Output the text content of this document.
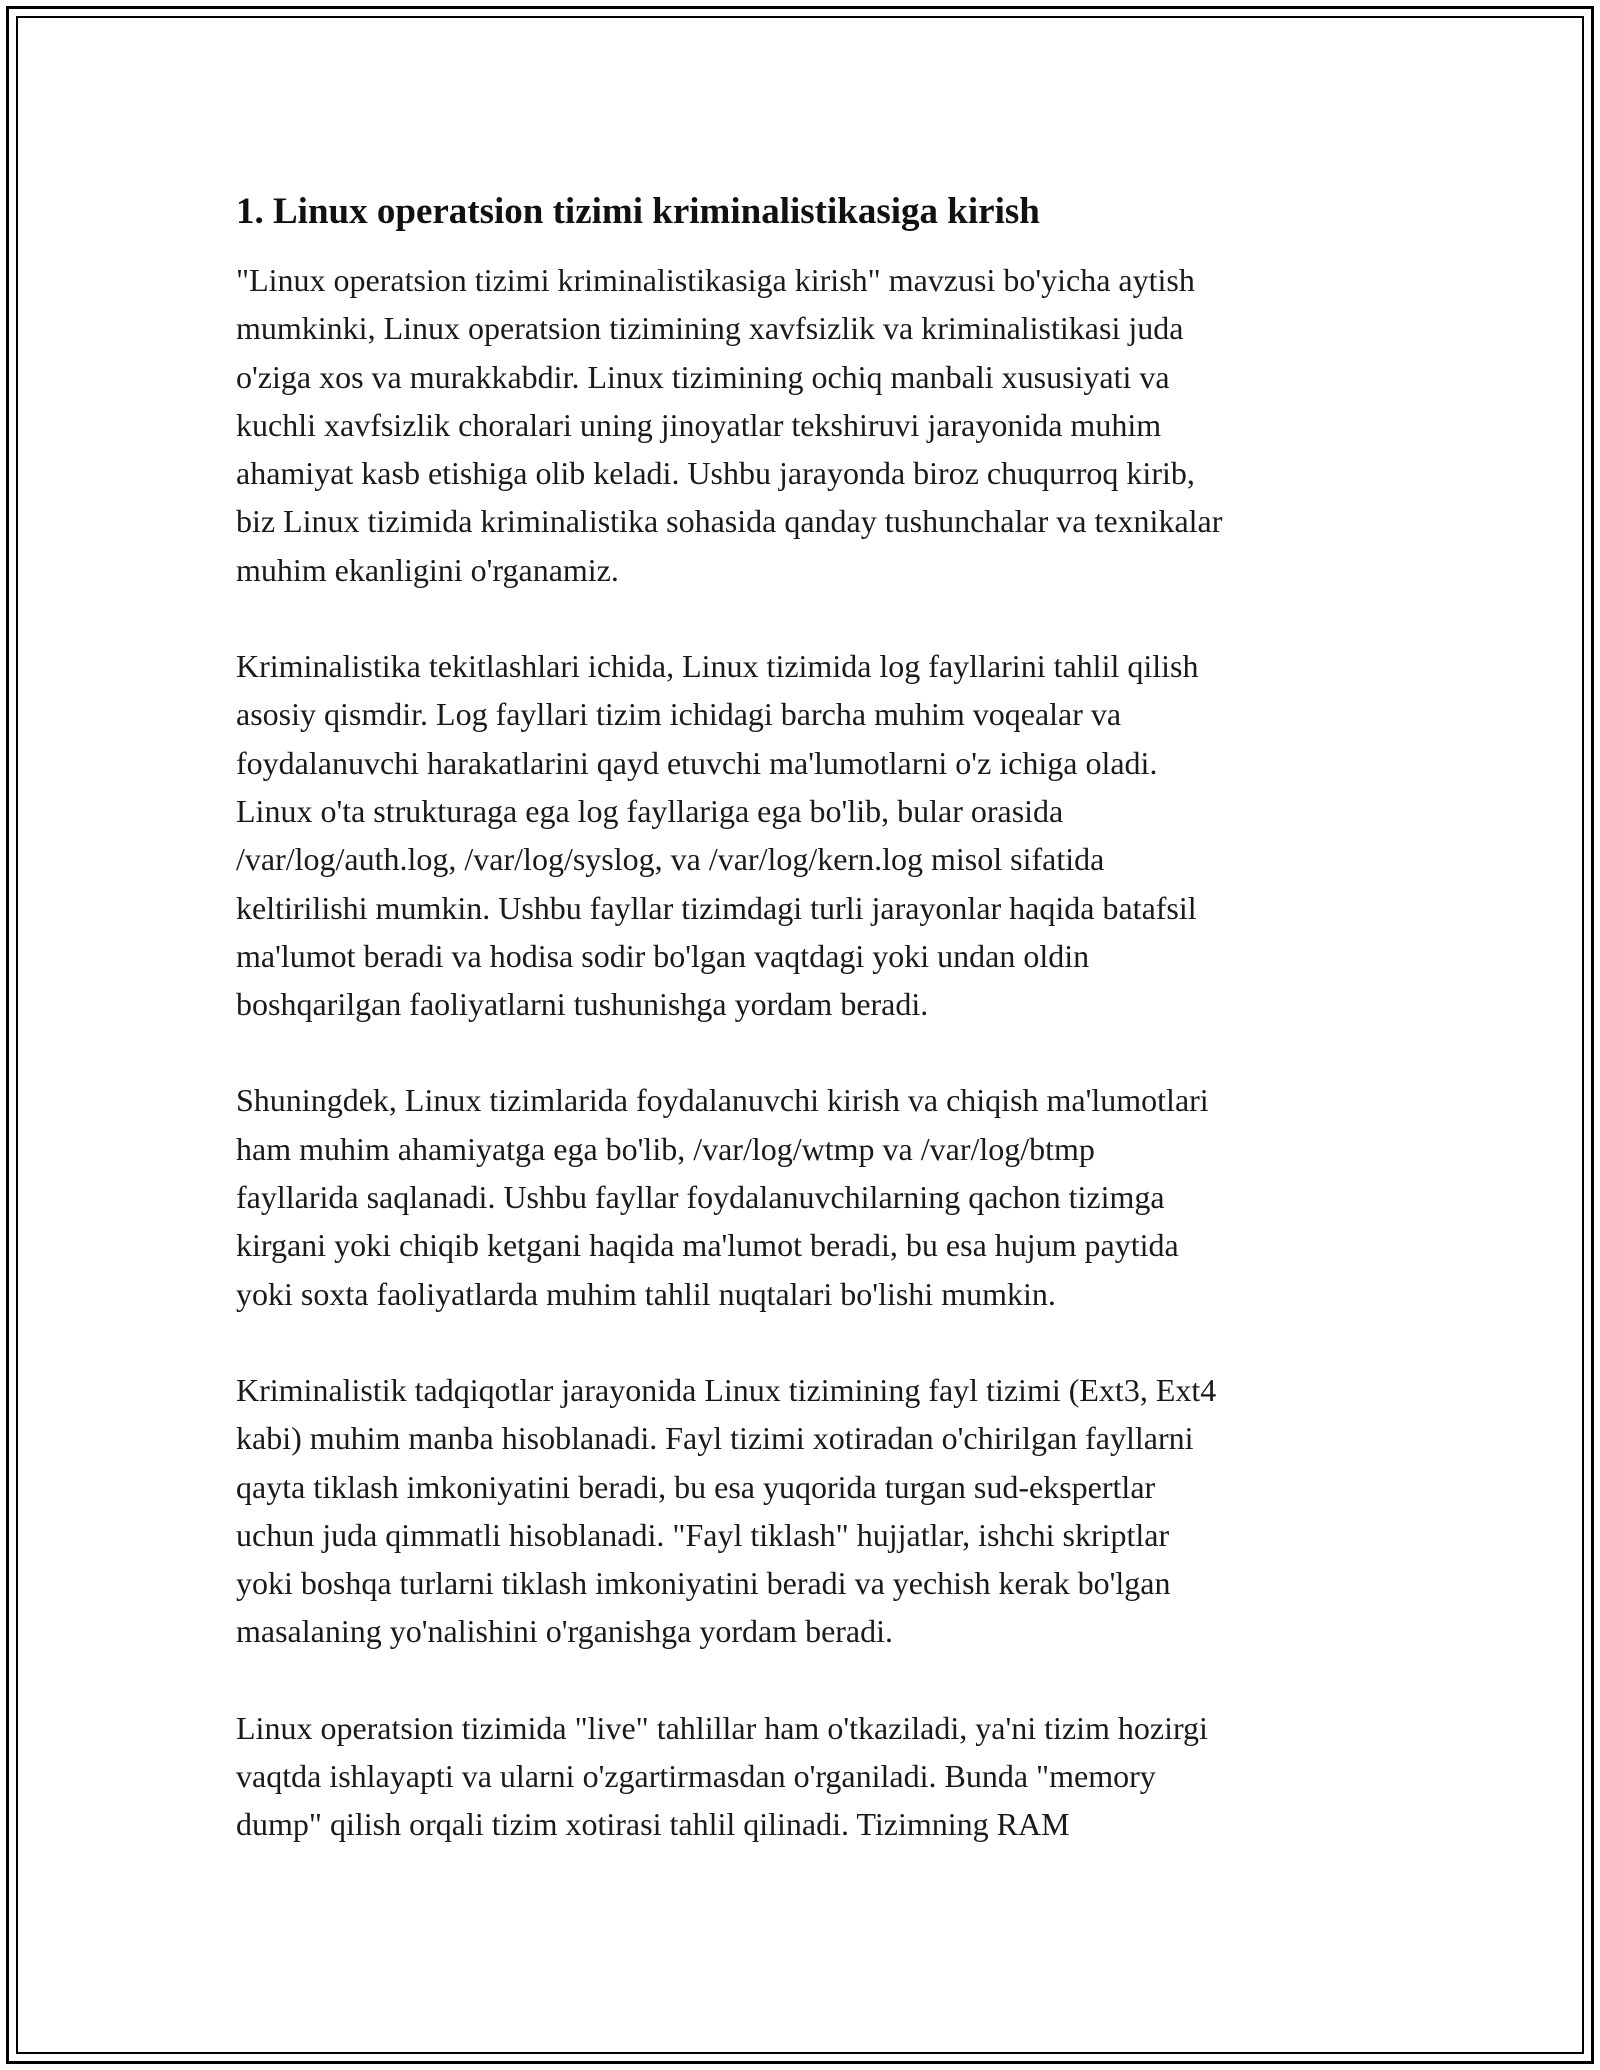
1. Linux operatsion tizimi kriminalistikasiga kirish

"Linux operatsion tizimi kriminalistikasiga kirish" mavzusi bo'yicha aytish
mumkinki, Linux operatsion tizimining xavfsizlik va kriminalistikasi juda
o'ziga xos va murakkabdir. Linux tizimining ochiq manbali xususiyati va
kuchli xavfsizlik choralari uning jinoyatlar tekshiruvi jarayonida muhim
ahamiyat kasb etishiga olib keladi. Ushbu jarayonda biroz chuqurroq kirib,
biz Linux tizimida kriminalistika sohasida qanday tushunchalar va texnikalar
muhim ekanligini o'rganamiz.

Kriminalistika tekitlashlari ichida, Linux tizimida log fayllarini tahlil qilish
asosiy qismdir. Log fayllari tizim ichidagi barcha muhim voqealar va
foydalanuvchi harakatlarini qayd etuvchi ma'lumotlarni o'z ichiga oladi.
Linux o'ta strukturaga ega log fayllariga ega bo'lib, bular orasida
/var/log/auth.log, /var/log/syslog, va /var/log/kern.log misol sifatida
keltirilishi mumkin. Ushbu fayllar tizimdagi turli jarayonlar haqida batafsil
ma'lumot beradi va hodisa sodir bo'lgan vaqtdagi yoki undan oldin
boshqarilgan faoliyatlarni tushunishga yordam beradi.

Shuningdek, Linux tizimlarida foydalanuvchi kirish va chiqish ma'lumotlari
ham muhim ahamiyatga ega bo'lib, /var/log/wtmp va /var/log/btmp
fayllarida saqlanadi. Ushbu fayllar foydalanuvchilarning qachon tizimga
kirgani yoki chiqib ketgani haqida ma'lumot beradi, bu esa hujum paytida
yoki soxta faoliyatlarda muhim tahlil nuqtalari bo'lishi mumkin.

Kriminalistik tadqiqotlar jarayonida Linux tizimining fayl tizimi (Ext3, Ext4
kabi) muhim manba hisoblanadi. Fayl tizimi xotiradan o'chirilgan fayllarni
qayta tiklash imkoniyatini beradi, bu esa yuqorida turgan sud-ekspertlar
uchun juda qimmatli hisoblanadi. "Fayl tiklash" hujjatlar, ishchi skriptlar
yoki boshqa turlarni tiklash imkoniyatini beradi va yechish kerak bo'lgan
masalaning yo'nalishini o'rganishga yordam beradi.

Linux operatsion tizimida "live" tahlillar ham o'tkaziladi, ya'ni tizim hozirgi
vaqtda ishlayapti va ularni o'zgartirmasdan o'rganiladi. Bunda "memory
dump" qilish orqali tizim xotirasi tahlil qilinadi. Tizimning RAM
